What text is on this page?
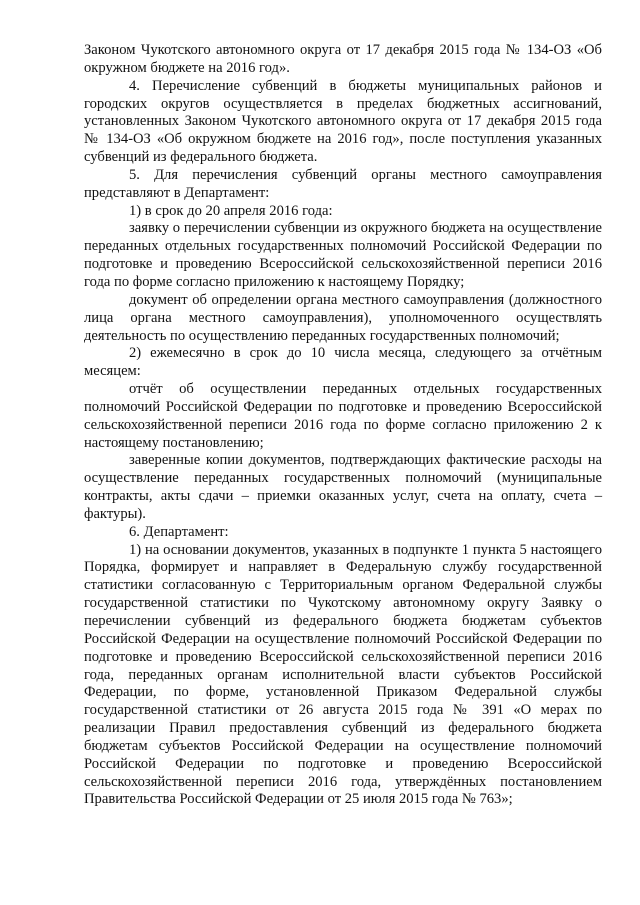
Законом Чукотского автономного округа от 17 декабря 2015 года № 134-ОЗ «Об окружном бюджете на 2016 год».

4. Перечисление субвенций в бюджеты муниципальных районов и городских округов осуществляется в пределах бюджетных ассигнований, установленных Законом Чукотского автономного округа от 17 декабря 2015 года № 134-ОЗ «Об окружном бюджете на 2016 год», после поступления указанных субвенций из федерального бюджета.

5. Для перечисления субвенций органы местного самоуправления представляют в Департамент:

1) в срок до 20 апреля 2016 года:

заявку о перечислении субвенции из окружного бюджета на осуществление переданных отдельных государственных полномочий Российской Федерации по подготовке и проведению Всероссийской сельскохозяйственной переписи 2016 года по форме согласно приложению к настоящему Порядку;

документ об определении органа местного самоуправления (должностного лица органа местного самоуправления), уполномоченного осуществлять деятельность по осуществлению переданных государственных полномочий;

2) ежемесячно в срок до 10 числа месяца, следующего за отчётным месяцем:

отчёт об осуществлении переданных отдельных государственных полномочий Российской Федерации по подготовке и проведению Всероссийской сельскохозяйственной переписи 2016 года по форме согласно приложению 2 к настоящему постановлению;

заверенные копии документов, подтверждающих фактические расходы на осуществление переданных государственных полномочий (муниципальные контракты, акты сдачи – приемки оказанных услуг, счета на оплату, счета – фактуры).

6. Департамент:

1) на основании документов, указанных в подпункте 1 пункта 5 настоящего Порядка, формирует и направляет в Федеральную службу государственной статистики согласованную с Территориальным органом Федеральной службы государственной статистики по Чукотскому автономному округу Заявку о перечислении субвенций из федерального бюджета бюджетам субъектов Российской Федерации на осуществление полномочий Российской Федерации по подготовке и проведению Всероссийской сельскохозяйственной переписи 2016 года, переданных органам исполнительной власти субъектов Российской Федерации, по форме, установленной Приказом Федеральной службы государственной статистики от 26 августа 2015 года № 391 «О мерах по реализации Правил предоставления субвенций из федерального бюджета бюджетам субъектов Российской Федерации на осуществление полномочий Российской Федерации по подготовке и проведению Всероссийской сельскохозяйственной переписи 2016 года, утверждённых постановлением Правительства Российской Федерации от 25 июля 2015 года № 763»;
